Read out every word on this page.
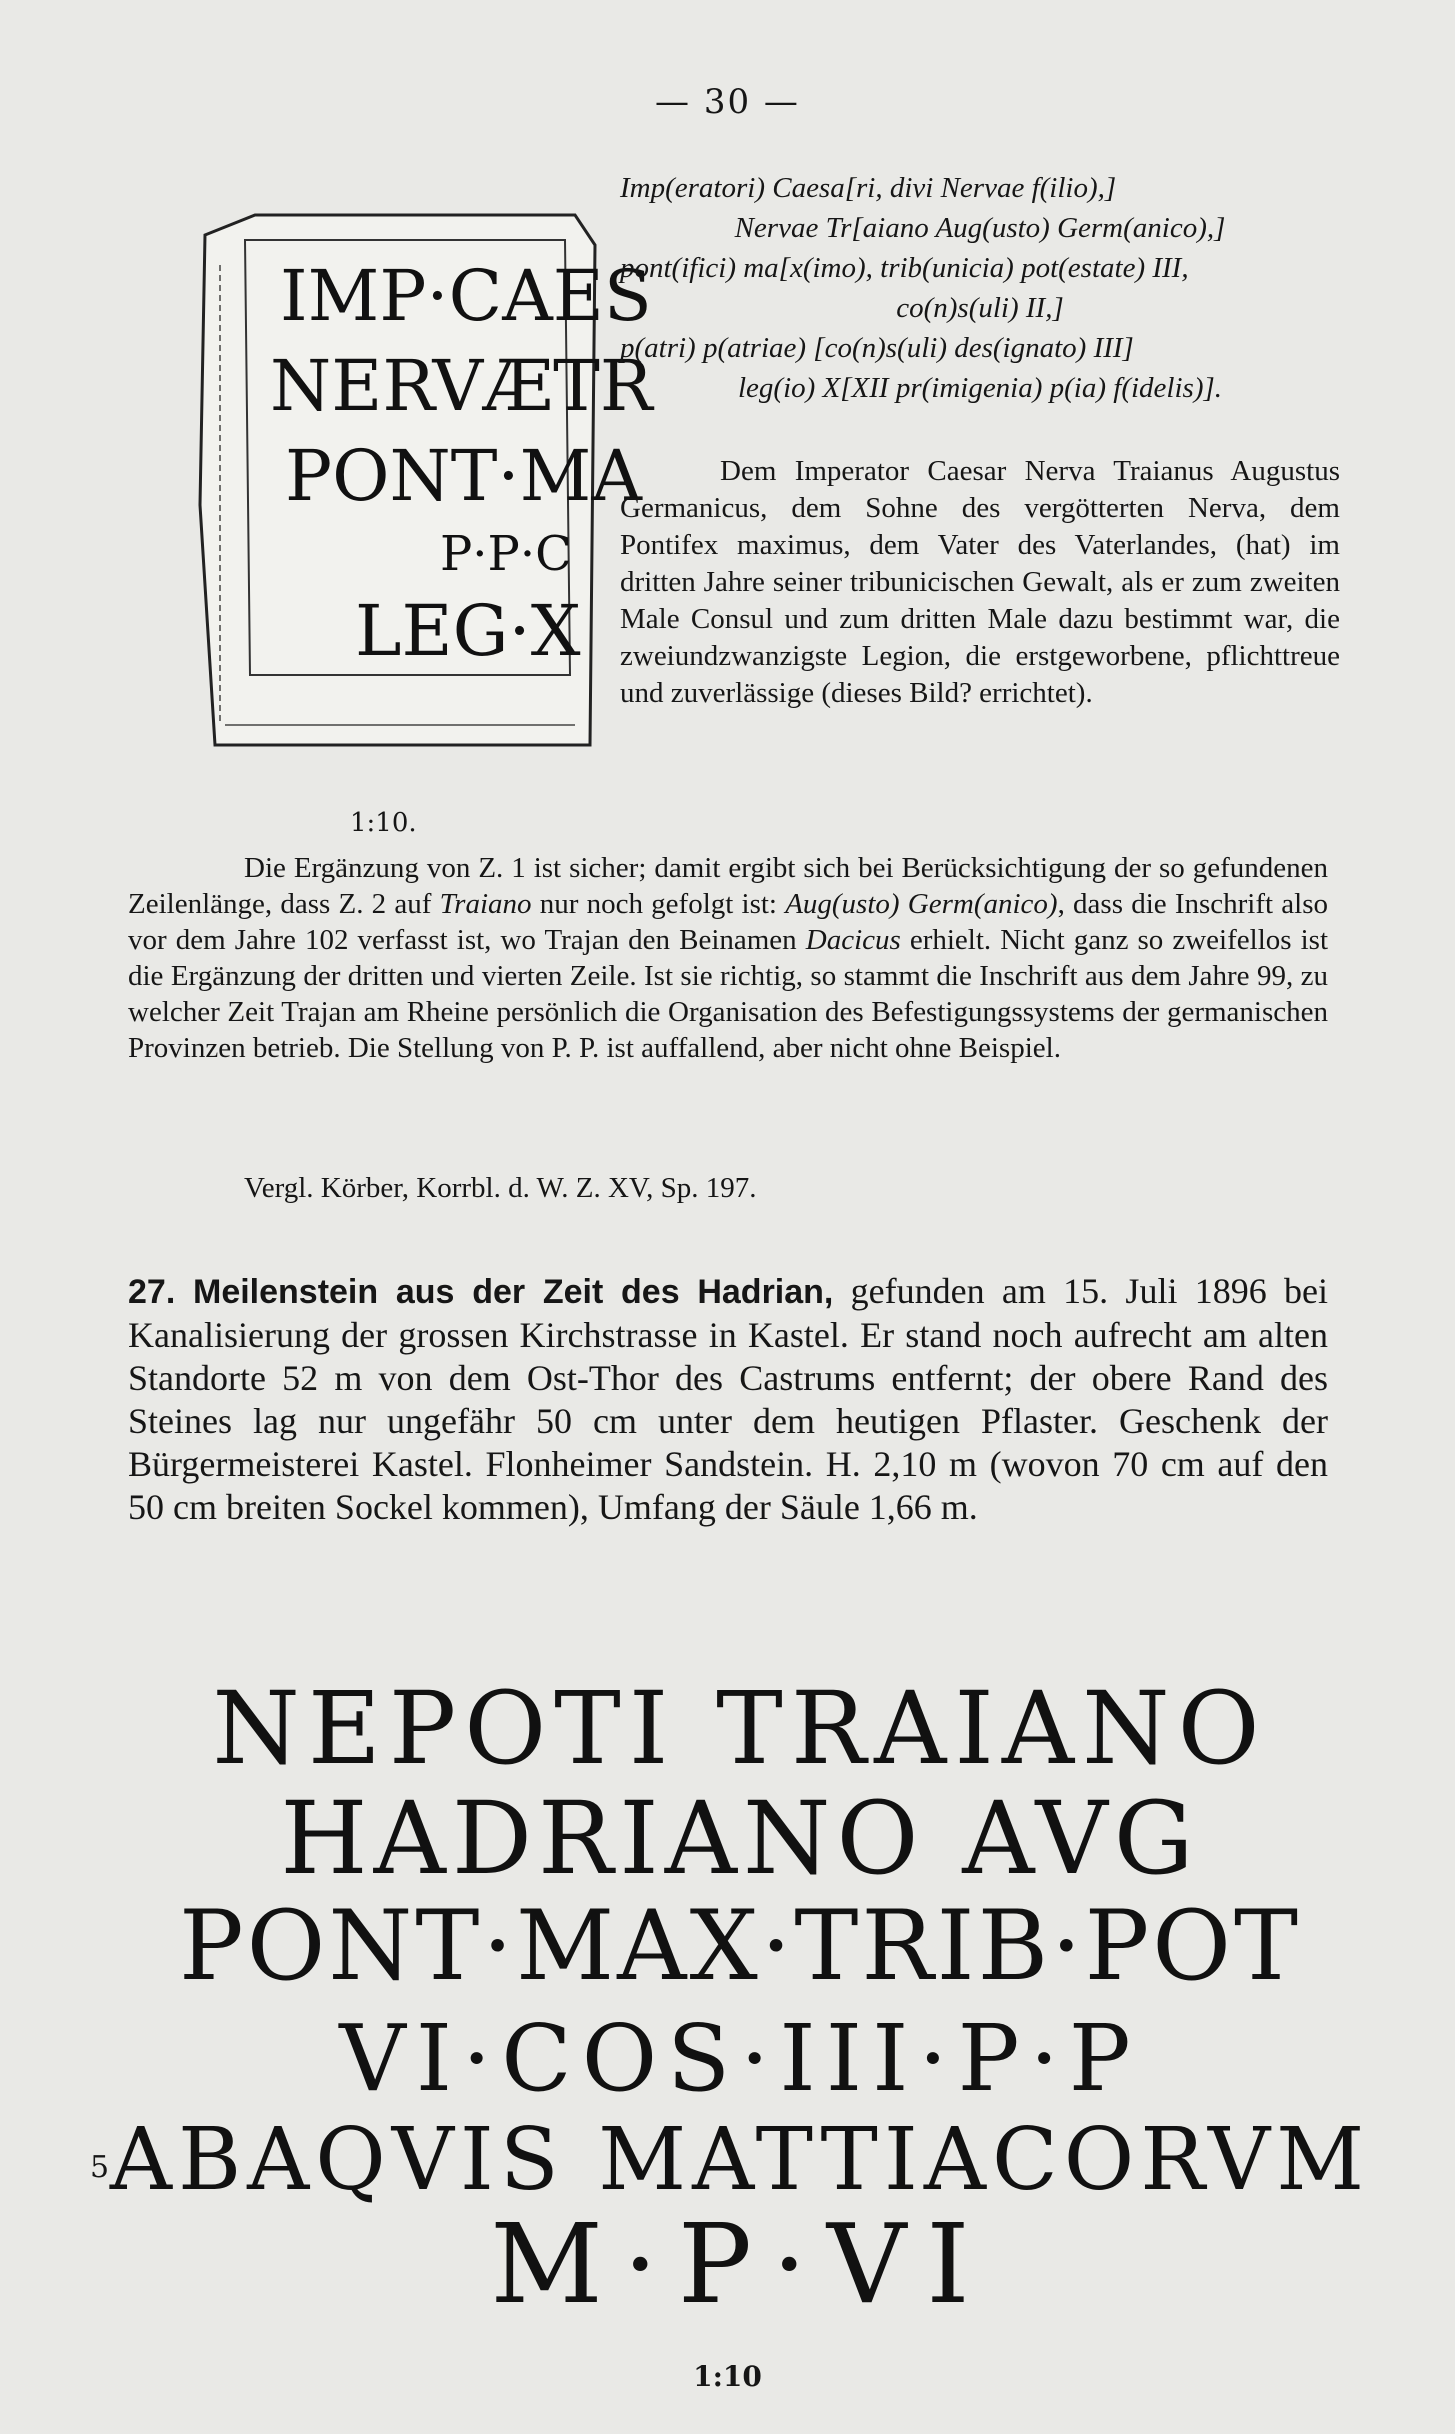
— 30 —
IMP·CAES
NERVÆTR
PONT·MA
P·P·C
LEG·X
1:10.

Imp(eratori) Caesa[ri, divi Nervae f(ilio),]

Nervae Tr[aiano Aug(usto) Germ(anico),]

pont(ifici) ma[x(imo), trib(unicia) pot(estate) III,

co(n)s(uli) II,]

p(atri) p(atriae) [co(n)s(uli) des(ignato) III]

leg(io) X[XII pr(imigenia) p(ia) f(idelis)].

Dem Imperator Caesar Nerva Traianus Augustus Germanicus, dem Sohne des vergötterten Nerva, dem Pontifex maximus, dem Vater des Vaterlandes, (hat) im dritten Jahre seiner tribunicischen Gewalt, als er zum zweiten Male Consul und zum dritten Male dazu bestimmt war, die zweiundzwanzigste Legion, die erstgeworbene, pflichttreue und zuverlässige (dieses Bild? errichtet).

Die Ergänzung von Z. 1 ist sicher; damit ergibt sich bei Berücksichtigung der so gefundenen Zeilenlänge, dass Z. 2 auf Traiano nur noch gefolgt ist: Aug(usto) Germ(anico), dass die Inschrift also vor dem Jahre 102 verfasst ist, wo Trajan den Beinamen Dacicus erhielt. Nicht ganz so zweifellos ist die Ergänzung der dritten und vierten Zeile. Ist sie richtig, so stammt die Inschrift aus dem Jahre 99, zu welcher Zeit Trajan am Rheine persönlich die Organisation des Befestigungssystems der germanischen Provinzen betrieb. Die Stellung von P. P. ist auffallend, aber nicht ohne Beispiel.

Vergl. Körber, Korrbl. d. W. Z. XV, Sp. 197.

27. Meilenstein aus der Zeit des Hadrian, gefunden am 15. Juli 1896 bei Kanalisierung der grossen Kirchstrasse in Kastel. Er stand noch aufrecht am alten Standorte 52 m von dem Ost-Thor des Castrums entfernt; der obere Rand des Steines lag nur ungefähr 50 cm unter dem heutigen Pflaster. Geschenk der Bürgermeisterei Kastel. Flonheimer Sandstein. H. 2,10 m (wovon 70 cm auf den 50 cm breiten Sockel kommen), Umfang der Säule 1,66 m.

NEPOTI TRAIANO
HADRIANO AVG
PONT·MAX·TRIB·POT
VI·COS·III·P·P
ABAQVIS MATTIACORVM
M·P·VI
5
1:10
